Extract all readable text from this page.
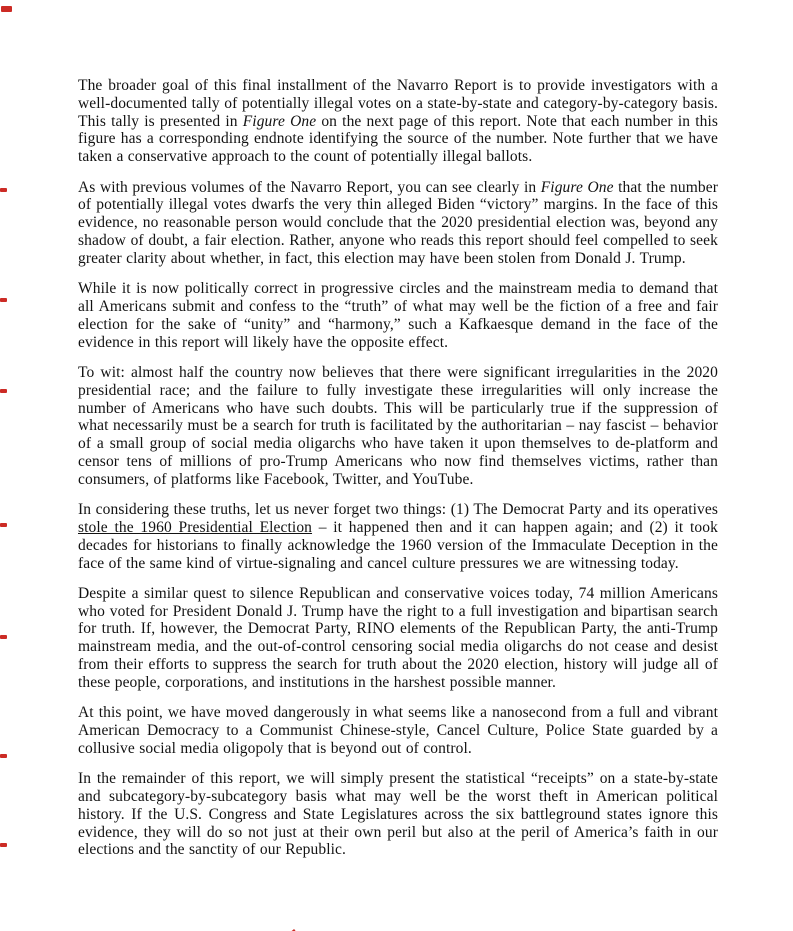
The broader goal of this final installment of the Navarro Report is to provide investigators with a well-documented tally of potentially illegal votes on a state-by-state and category-by-category basis. This tally is presented in Figure One on the next page of this report. Note that each number in this figure has a corresponding endnote identifying the source of the number. Note further that we have taken a conservative approach to the count of potentially illegal ballots.

As with previous volumes of the Navarro Report, you can see clearly in Figure One that the number of potentially illegal votes dwarfs the very thin alleged Biden “victory” margins. In the face of this evidence, no reasonable person would conclude that the 2020 presidential election was, beyond any shadow of doubt, a fair election. Rather, anyone who reads this report should feel compelled to seek greater clarity about whether, in fact, this election may have been stolen from Donald J. Trump.

While it is now politically correct in progressive circles and the mainstream media to demand that all Americans submit and confess to the “truth” of what may well be the fiction of a free and fair election for the sake of “unity” and “harmony,” such a Kafkaesque demand in the face of the evidence in this report will likely have the opposite effect.

To wit: almost half the country now believes that there were significant irregularities in the 2020 presidential race; and the failure to fully investigate these irregularities will only increase the number of Americans who have such doubts. This will be particularly true if the suppression of what necessarily must be a search for truth is facilitated by the authoritarian – nay fascist – behavior of a small group of social media oligarchs who have taken it upon themselves to de-platform and censor tens of millions of pro-Trump Americans who now find themselves victims, rather than consumers, of platforms like Facebook, Twitter, and YouTube.

In considering these truths, let us never forget two things: (1) The Democrat Party and its operatives stole the 1960 Presidential Election – it happened then and it can happen again; and (2) it took decades for historians to finally acknowledge the 1960 version of the Immaculate Deception in the face of the same kind of virtue-signaling and cancel culture pressures we are witnessing today.

Despite a similar quest to silence Republican and conservative voices today, 74 million Americans who voted for President Donald J. Trump have the right to a full investigation and bipartisan search for truth. If, however, the Democrat Party, RINO elements of the Republican Party, the anti-Trump mainstream media, and the out-of-control censoring social media oligarchs do not cease and desist from their efforts to suppress the search for truth about the 2020 election, history will judge all of these people, corporations, and institutions in the harshest possible manner.

At this point, we have moved dangerously in what seems like a nanosecond from a full and vibrant American Democracy to a Communist Chinese-style, Cancel Culture, Police State guarded by a collusive social media oligopoly that is beyond out of control.

In the remainder of this report, we will simply present the statistical “receipts” on a state-by-state and subcategory-by-subcategory basis what may well be the worst theft in American political history. If the U.S. Congress and State Legislatures across the six battleground states ignore this evidence, they will do so not just at their own peril but also at the peril of America’s faith in our elections and the sanctity of our Republic.
